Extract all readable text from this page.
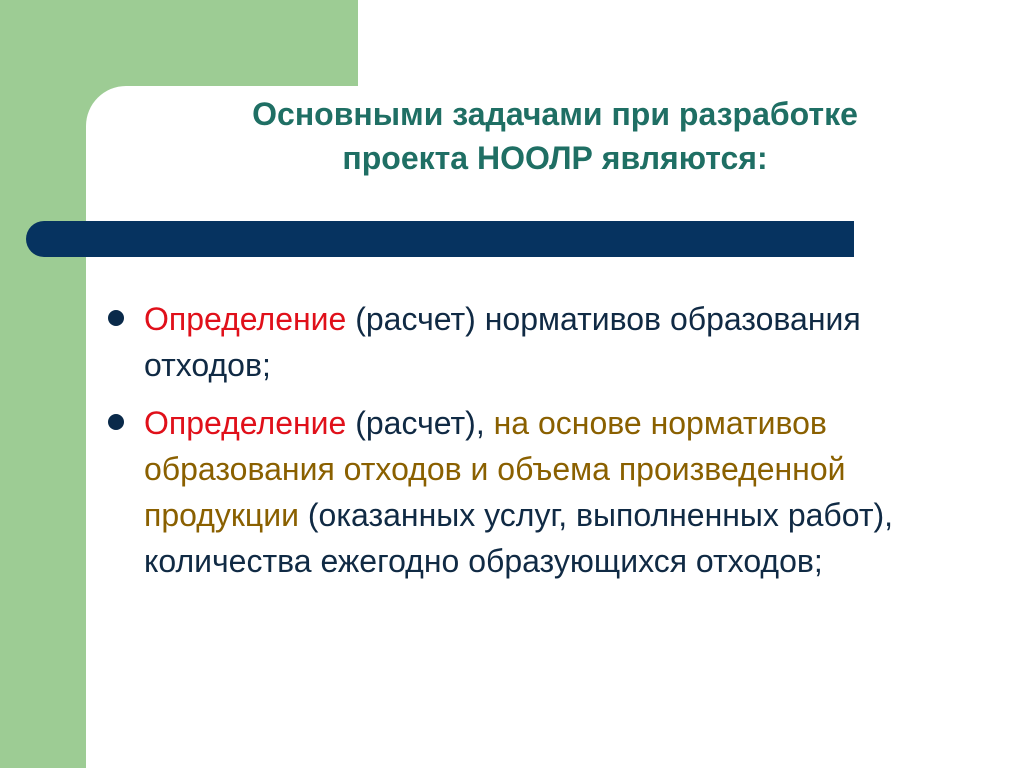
Основными задачами при разработке
проекта НООЛР являются:
Определение (расчет) нормативов образования отходов;
Определение (расчет), на основе нормативов образования отходов и объема произведенной продукции (оказанных услуг, выполненных работ), количества ежегодно образующихся отходов;
